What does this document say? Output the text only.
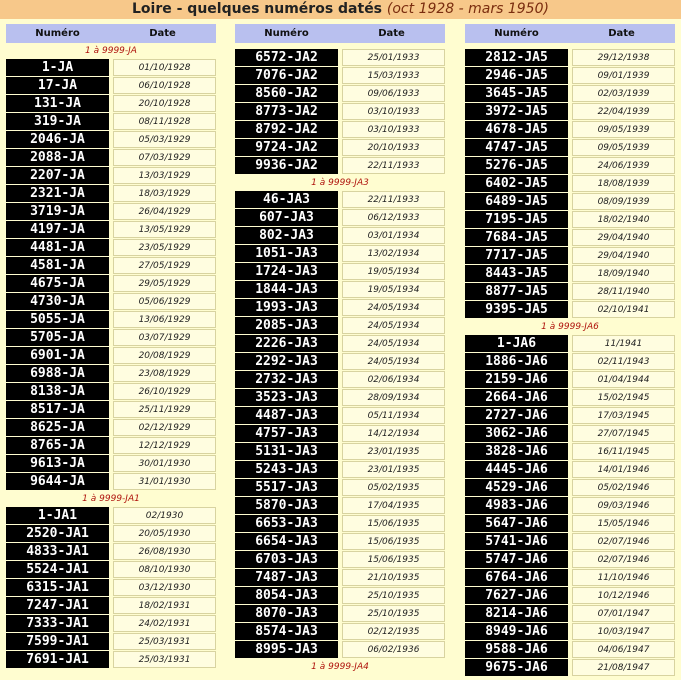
Loire - quelques numéros datés (oct 1928 - mars 1950)
Numéro	Date
1 à 9999-JA
1-JA	01/10/1928
17-JA	06/10/1928
131-JA	20/10/1928
319-JA	08/11/1928
2046-JA	05/03/1929
2088-JA	07/03/1929
2207-JA	13/03/1929
2321-JA	18/03/1929
3719-JA	26/04/1929
4197-JA	13/05/1929
4481-JA	23/05/1929
4581-JA	27/05/1929
4675-JA	29/05/1929
4730-JA	05/06/1929
5055-JA	13/06/1929
5705-JA	03/07/1929
6901-JA	20/08/1929
6988-JA	23/08/1929
8138-JA	26/10/1929
8517-JA	25/11/1929
8625-JA	02/12/1929
8765-JA	12/12/1929
9613-JA	30/01/1930
9644-JA	31/01/1930
1 à 9999-JA1
1-JA1	02/1930
2520-JA1	20/05/1930
4833-JA1	26/08/1930
5524-JA1	08/10/1930
6315-JA1	03/12/1930
7247-JA1	18/02/1931
7333-JA1	24/02/1931
7599-JA1	25/03/1931
7691-JA1	25/03/1931
Numéro	Date
6572-JA2	25/01/1933
7076-JA2	15/03/1933
8560-JA2	09/06/1933
8773-JA2	03/10/1933
8792-JA2	03/10/1933
9724-JA2	20/10/1933
9936-JA2	22/11/1933
1 à 9999-JA3
46-JA3	22/11/1933
607-JA3	06/12/1933
802-JA3	03/01/1934
1051-JA3	13/02/1934
1724-JA3	19/05/1934
1844-JA3	19/05/1934
1993-JA3	24/05/1934
2085-JA3	24/05/1934
2226-JA3	24/05/1934
2292-JA3	24/05/1934
2732-JA3	02/06/1934
3523-JA3	28/09/1934
4487-JA3	05/11/1934
4757-JA3	14/12/1934
5131-JA3	23/01/1935
5243-JA3	23/01/1935
5517-JA3	05/02/1935
5870-JA3	17/04/1935
6653-JA3	15/06/1935
6654-JA3	15/06/1935
6703-JA3	15/06/1935
7487-JA3	21/10/1935
8054-JA3	25/10/1935
8070-JA3	25/10/1935
8574-JA3	02/12/1935
8995-JA3	06/02/1936
1 à 9999-JA4
Numéro	Date
2812-JA5	29/12/1938
2946-JA5	09/01/1939
3645-JA5	02/03/1939
3972-JA5	22/04/1939
4678-JA5	09/05/1939
4747-JA5	09/05/1939
5276-JA5	24/06/1939
6402-JA5	18/08/1939
6489-JA5	08/09/1939
7195-JA5	18/02/1940
7684-JA5	29/04/1940
7717-JA5	29/04/1940
8443-JA5	18/09/1940
8877-JA5	28/11/1940
9395-JA5	02/10/1941
1 à 9999-JA6
1-JA6	11/1941
1886-JA6	02/11/1943
2159-JA6	01/04/1944
2664-JA6	15/02/1945
2727-JA6	17/03/1945
3062-JA6	27/07/1945
3828-JA6	16/11/1945
4445-JA6	14/01/1946
4529-JA6	05/02/1946
4983-JA6	09/03/1946
5647-JA6	15/05/1946
5741-JA6	02/07/1946
5747-JA6	02/07/1946
6764-JA6	11/10/1946
7627-JA6	10/12/1946
8214-JA6	07/01/1947
8949-JA6	10/03/1947
9588-JA6	04/06/1947
9675-JA6	21/08/1947
